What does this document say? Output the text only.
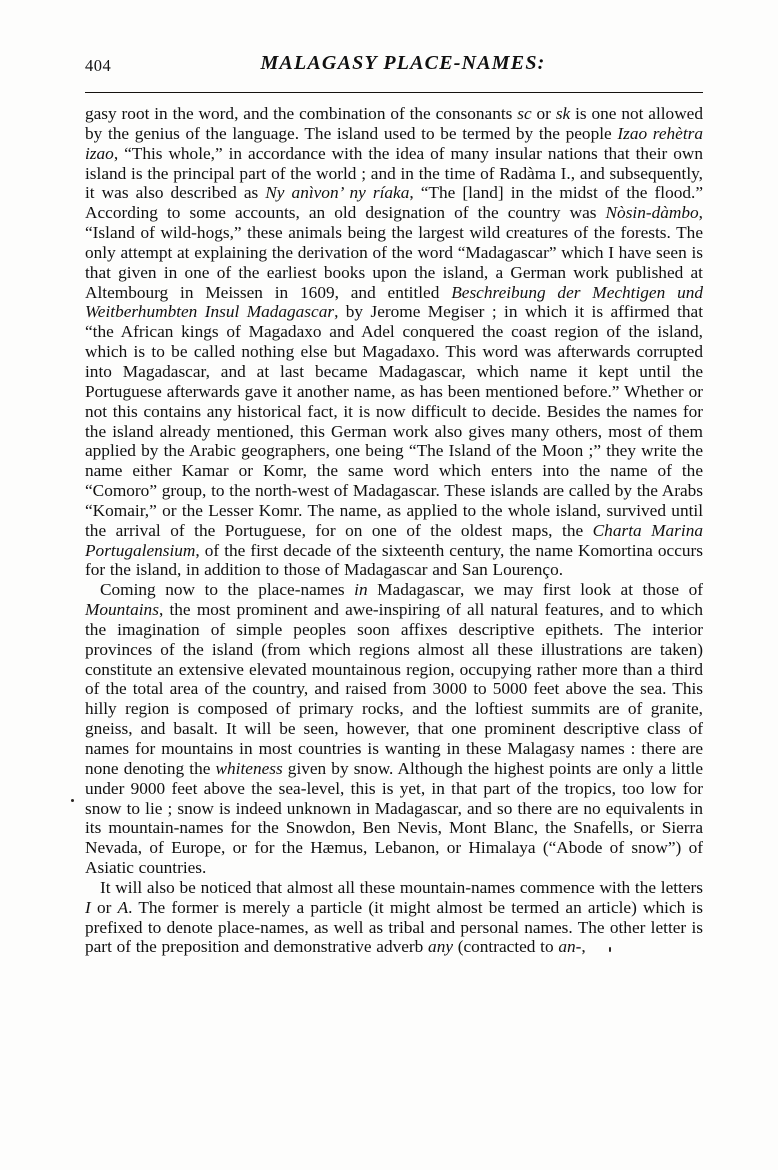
404	MALAGASY PLACE-NAMES:

gasy root in the word, and the combination of the consonants sc or sk is one not allowed by the genius of the language. The island used to be termed by the people Izao rehètra izao, “This whole,” in accordance with the idea of many insular nations that their own island is the principal part of the world ; and in the time of Radàma I., and subsequently, it was also described as Ny anìvon’ ny ríaka, “The [land] in the midst of the flood.” According to some accounts, an old designation of the country was Nòsin-dàmbo, “Island of wild-hogs,” these animals being the largest wild creatures of the forests. The only attempt at explaining the derivation of the word “Madagascar” which I have seen is that given in one of the earliest books upon the island, a German work published at Altembourg in Meissen in 1609, and entitled Beschreibung der Mechtigen und Weitberhumbten Insul Madagascar, by Jerome Megiser ; in which it is affirmed that “the African kings of Magadaxo and Adel conquered the coast region of the island, which is to be called nothing else but Magadaxo. This word was afterwards corrupted into Magadascar, and at last became Madagascar, which name it kept until the Portuguese afterwards gave it another name, as has been mentioned before.” Whether or not this contains any historical fact, it is now difficult to decide. Besides the names for the island already mentioned, this German work also gives many others, most of them applied by the Arabic geographers, one being “The Island of the Moon ;” they write the name either Kamar or Komr, the same word which enters into the name of the “Comoro” group, to the north-west of Madagascar. These islands are called by the Arabs “Komair,” or the Lesser Komr. The name, as applied to the whole island, survived until the arrival of the Portuguese, for on one of the oldest maps, the Charta Marina Portugalensium, of the first decade of the sixteenth century, the name Komortina occurs for the island, in addition to those of Madagascar and San Lourenço.

Coming now to the place-names in Madagascar, we may first look at those of Mountains, the most prominent and awe-inspiring of all natural features, and to which the imagination of simple peoples soon affixes descriptive epithets. The interior provinces of the island (from which regions almost all these illustrations are taken) constitute an extensive elevated mountainous region, occupying rather more than a third of the total area of the country, and raised from 3000 to 5000 feet above the sea. This hilly region is composed of primary rocks, and the loftiest summits are of granite, gneiss, and basalt. It will be seen, however, that one prominent descriptive class of names for mountains in most countries is wanting in these Malagasy names : there are none denoting the whiteness given by snow. Although the highest points are only a little under 9000 feet above the sea-level, this is yet, in that part of the tropics, too low for snow to lie ; snow is indeed unknown in Madagascar, and so there are no equivalents in its mountain-names for the Snowdon, Ben Nevis, Mont Blanc, the Snafells, or Sierra Nevada, of Europe, or for the Hæmus, Lebanon, or Himalaya (“Abode of snow”) of Asiatic countries.

It will also be noticed that almost all these mountain-names commence with the letters I or A. The former is merely a particle (it might almost be termed an article) which is prefixed to denote place-names, as well as tribal and personal names. The other letter is part of the preposition and demonstrative adverb any (contracted to an-,
